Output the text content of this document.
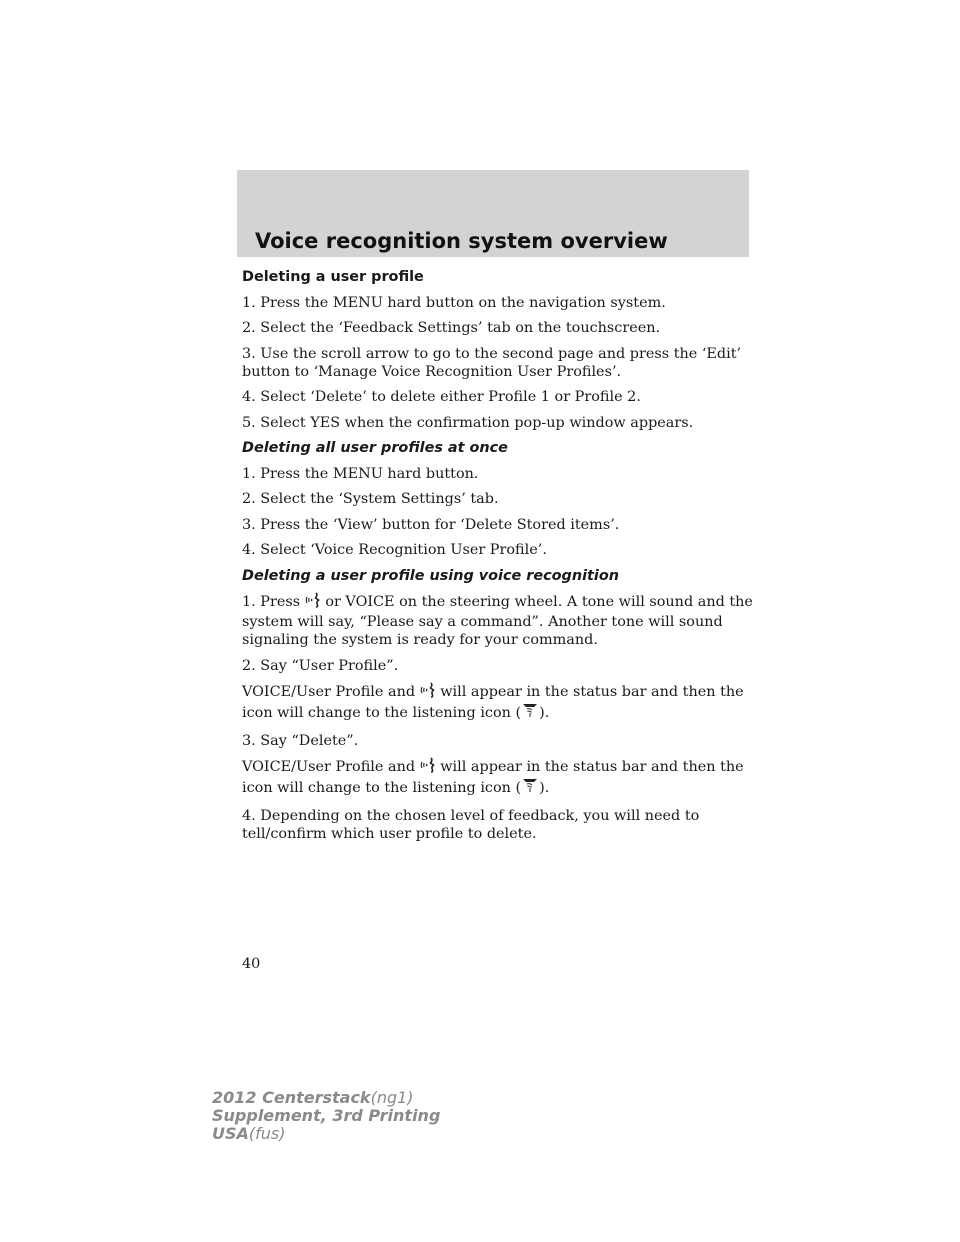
Voice recognition system overview
Deleting a user profile

1. Press the MENU hard button on the navigation system.

2. Select the ‘Feedback Settings’ tab on the touchscreen.

3. Use the scroll arrow to go to the second page and press the ‘Edit’
button to ‘Manage Voice Recognition User Profiles’.

4. Select ‘Delete’ to delete either Profile 1 or Profile 2.

5. Select YES when the confirmation pop-up window appears.

Deleting all user profiles at once

1. Press the MENU hard button.

2. Select the ‘System Settings’ tab.

3. Press the ‘View’ button for ‘Delete Stored items’.

4. Select ‘Voice Recognition User Profile’.

Deleting a user profile using voice recognition

1. Press or VOICE on the steering wheel. A tone will sound and the
system will say, “Please say a command”. Another tone will sound
signaling the system is ready for your command.

2. Say “User Profile”.

VOICE/User Profile and will appear in the status bar and then the
icon will change to the listening icon ( ).

3. Say “Delete”.

VOICE/User Profile and will appear in the status bar and then the
icon will change to the listening icon ( ).

4. Depending on the chosen level of feedback, you will need to
tell/confirm which user profile to delete.

40

2012 Centerstack(ng1)
Supplement, 3rd Printing
USA(fus)
